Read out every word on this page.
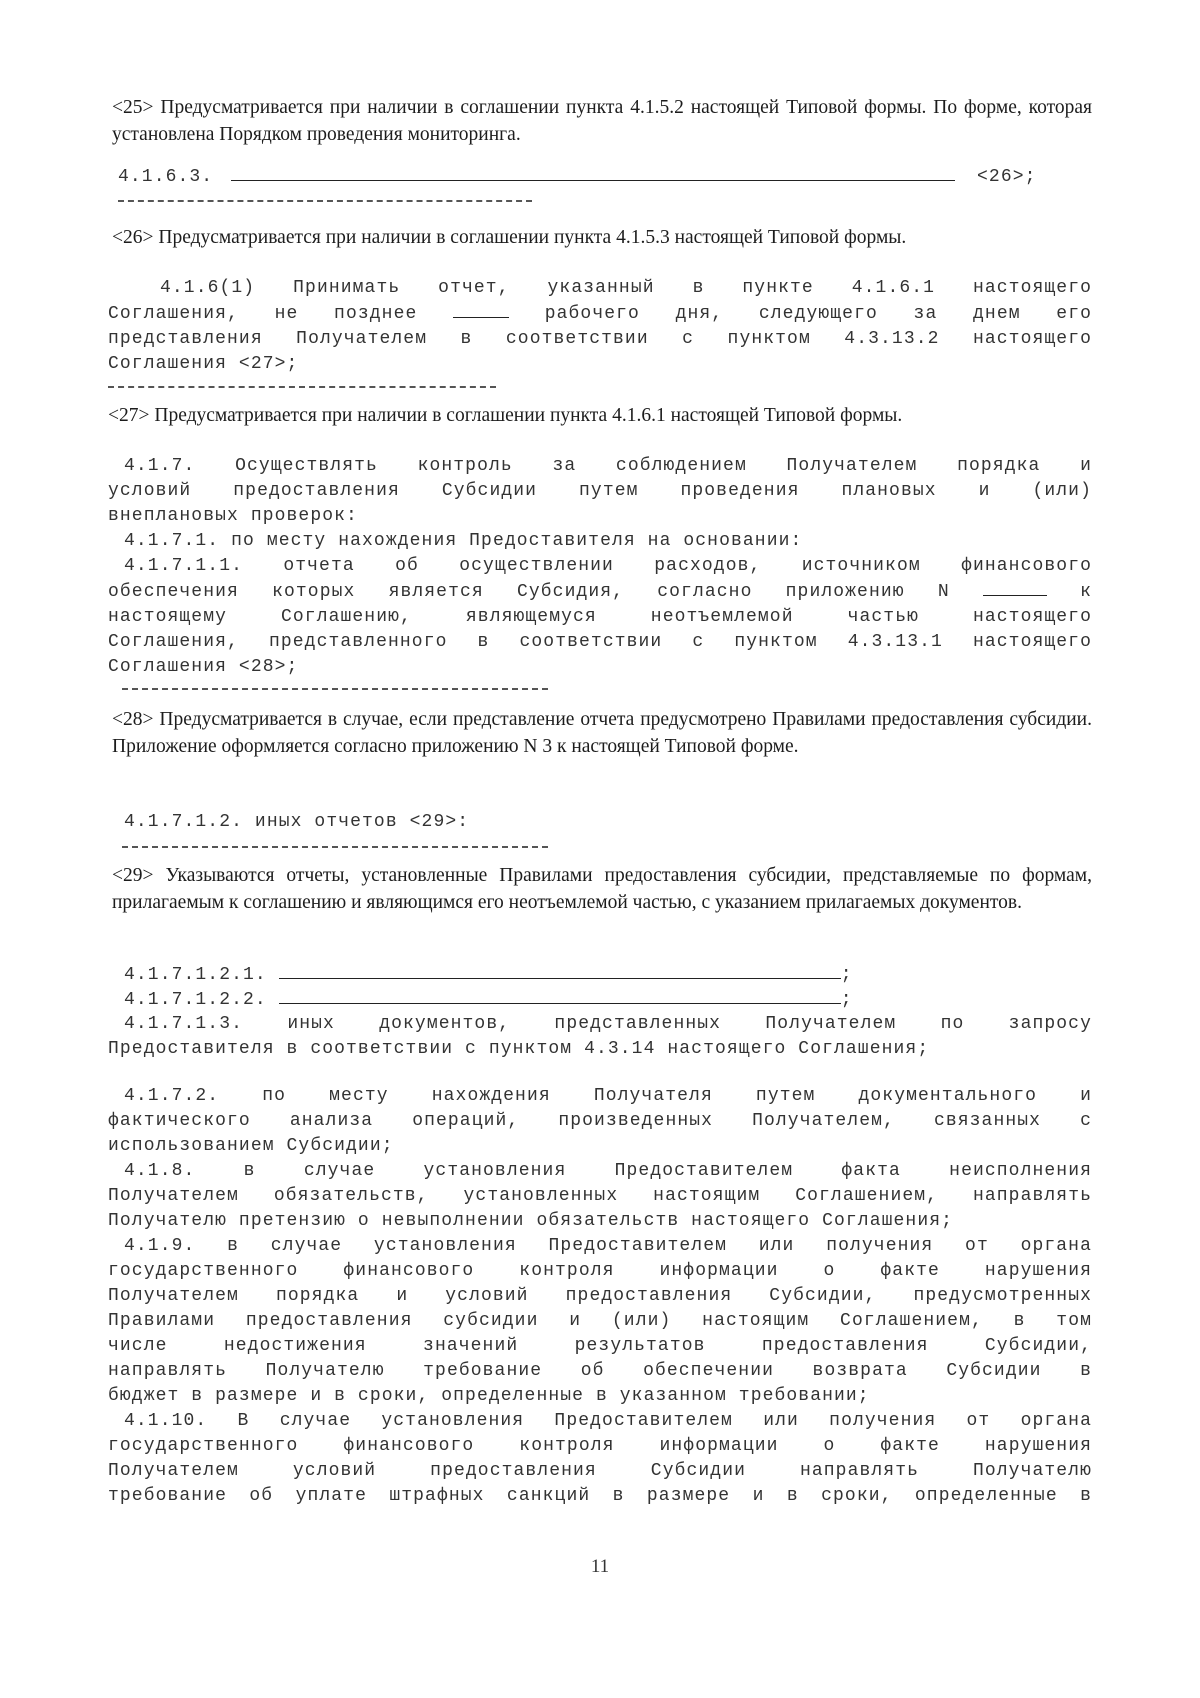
<25> Предусматривается при наличии в соглашении пункта 4.1.5.2 настоящей Типовой формы. По форме, которая установлена Порядком проведения мониторинга.

4.1.6.3.	<26>;

<26> Предусматривается при наличии в соглашении пункта 4.1.5.3 настоящей Типовой формы.

4.1.6(1) Принимать отчет, указанный в пункте 4.1.6.1 настоящего
Соглашения, не позднее	рабочего дня, следующего за днем его
представления Получателем в соответствии с пунктом 4.3.13.2 настоящего
Соглашения <27>;

<27> Предусматривается при наличии в соглашении пункта 4.1.6.1 настоящей Типовой формы.

4.1.7. Осуществлять контроль за соблюдением Получателем порядка и
условий предоставления Субсидии путем проведения плановых и (или)
внеплановых проверок:
4.1.7.1. по месту нахождения Предоставителя на основании:
4.1.7.1.1. отчета об осуществлении расходов, источником финансового
обеспечения которых является Субсидия, согласно приложению N	к
настоящему Соглашению, являющемуся неотъемлемой частью настоящего
Соглашения, представленного в соответствии с пунктом 4.3.13.1 настоящего
Соглашения <28>;

<28> Предусматривается в случае, если представление отчета предусмотрено Правилами предоставления субсидии. Приложение оформляется согласно приложению N 3 к настоящей Типовой форме.

4.1.7.1.2. иных отчетов <29>:

<29> Указываются отчеты, установленные Правилами предоставления субсидии, представляемые по формам, прилагаемым к соглашению и являющимся его неотъемлемой частью, с указанием прилагаемых документов.

4.1.7.1.2.1.	;
4.1.7.1.2.2.	;
4.1.7.1.3. иных документов, представленных Получателем по запросу
Предоставителя в соответствии с пунктом 4.3.14 настоящего Соглашения;
4.1.7.2. по месту нахождения Получателя путем документального и
фактического анализа операций, произведенных Получателем, связанных с
использованием Субсидии;
4.1.8. в случае установления Предоставителем факта неисполнения
Получателем обязательств, установленных настоящим Соглашением, направлять
Получателю претензию о невыполнении обязательств настоящего Соглашения;
4.1.9. в случае установления Предоставителем или получения от органа
государственного финансового контроля информации о факте нарушения
Получателем порядка и условий предоставления Субсидии, предусмотренных
Правилами предоставления субсидии и (или) настоящим Соглашением, в том
числе недостижения значений результатов предоставления Субсидии,
направлять Получателю требование об обеспечении возврата Субсидии в
бюджет в размере и в сроки, определенные в указанном требовании;
4.1.10. В случае установления Предоставителем или получения от органа
государственного финансового контроля информации о факте нарушения
Получателем условий предоставления Субсидии направлять Получателю
требование об уплате штрафных санкций в размере и в сроки, определенные в
11
